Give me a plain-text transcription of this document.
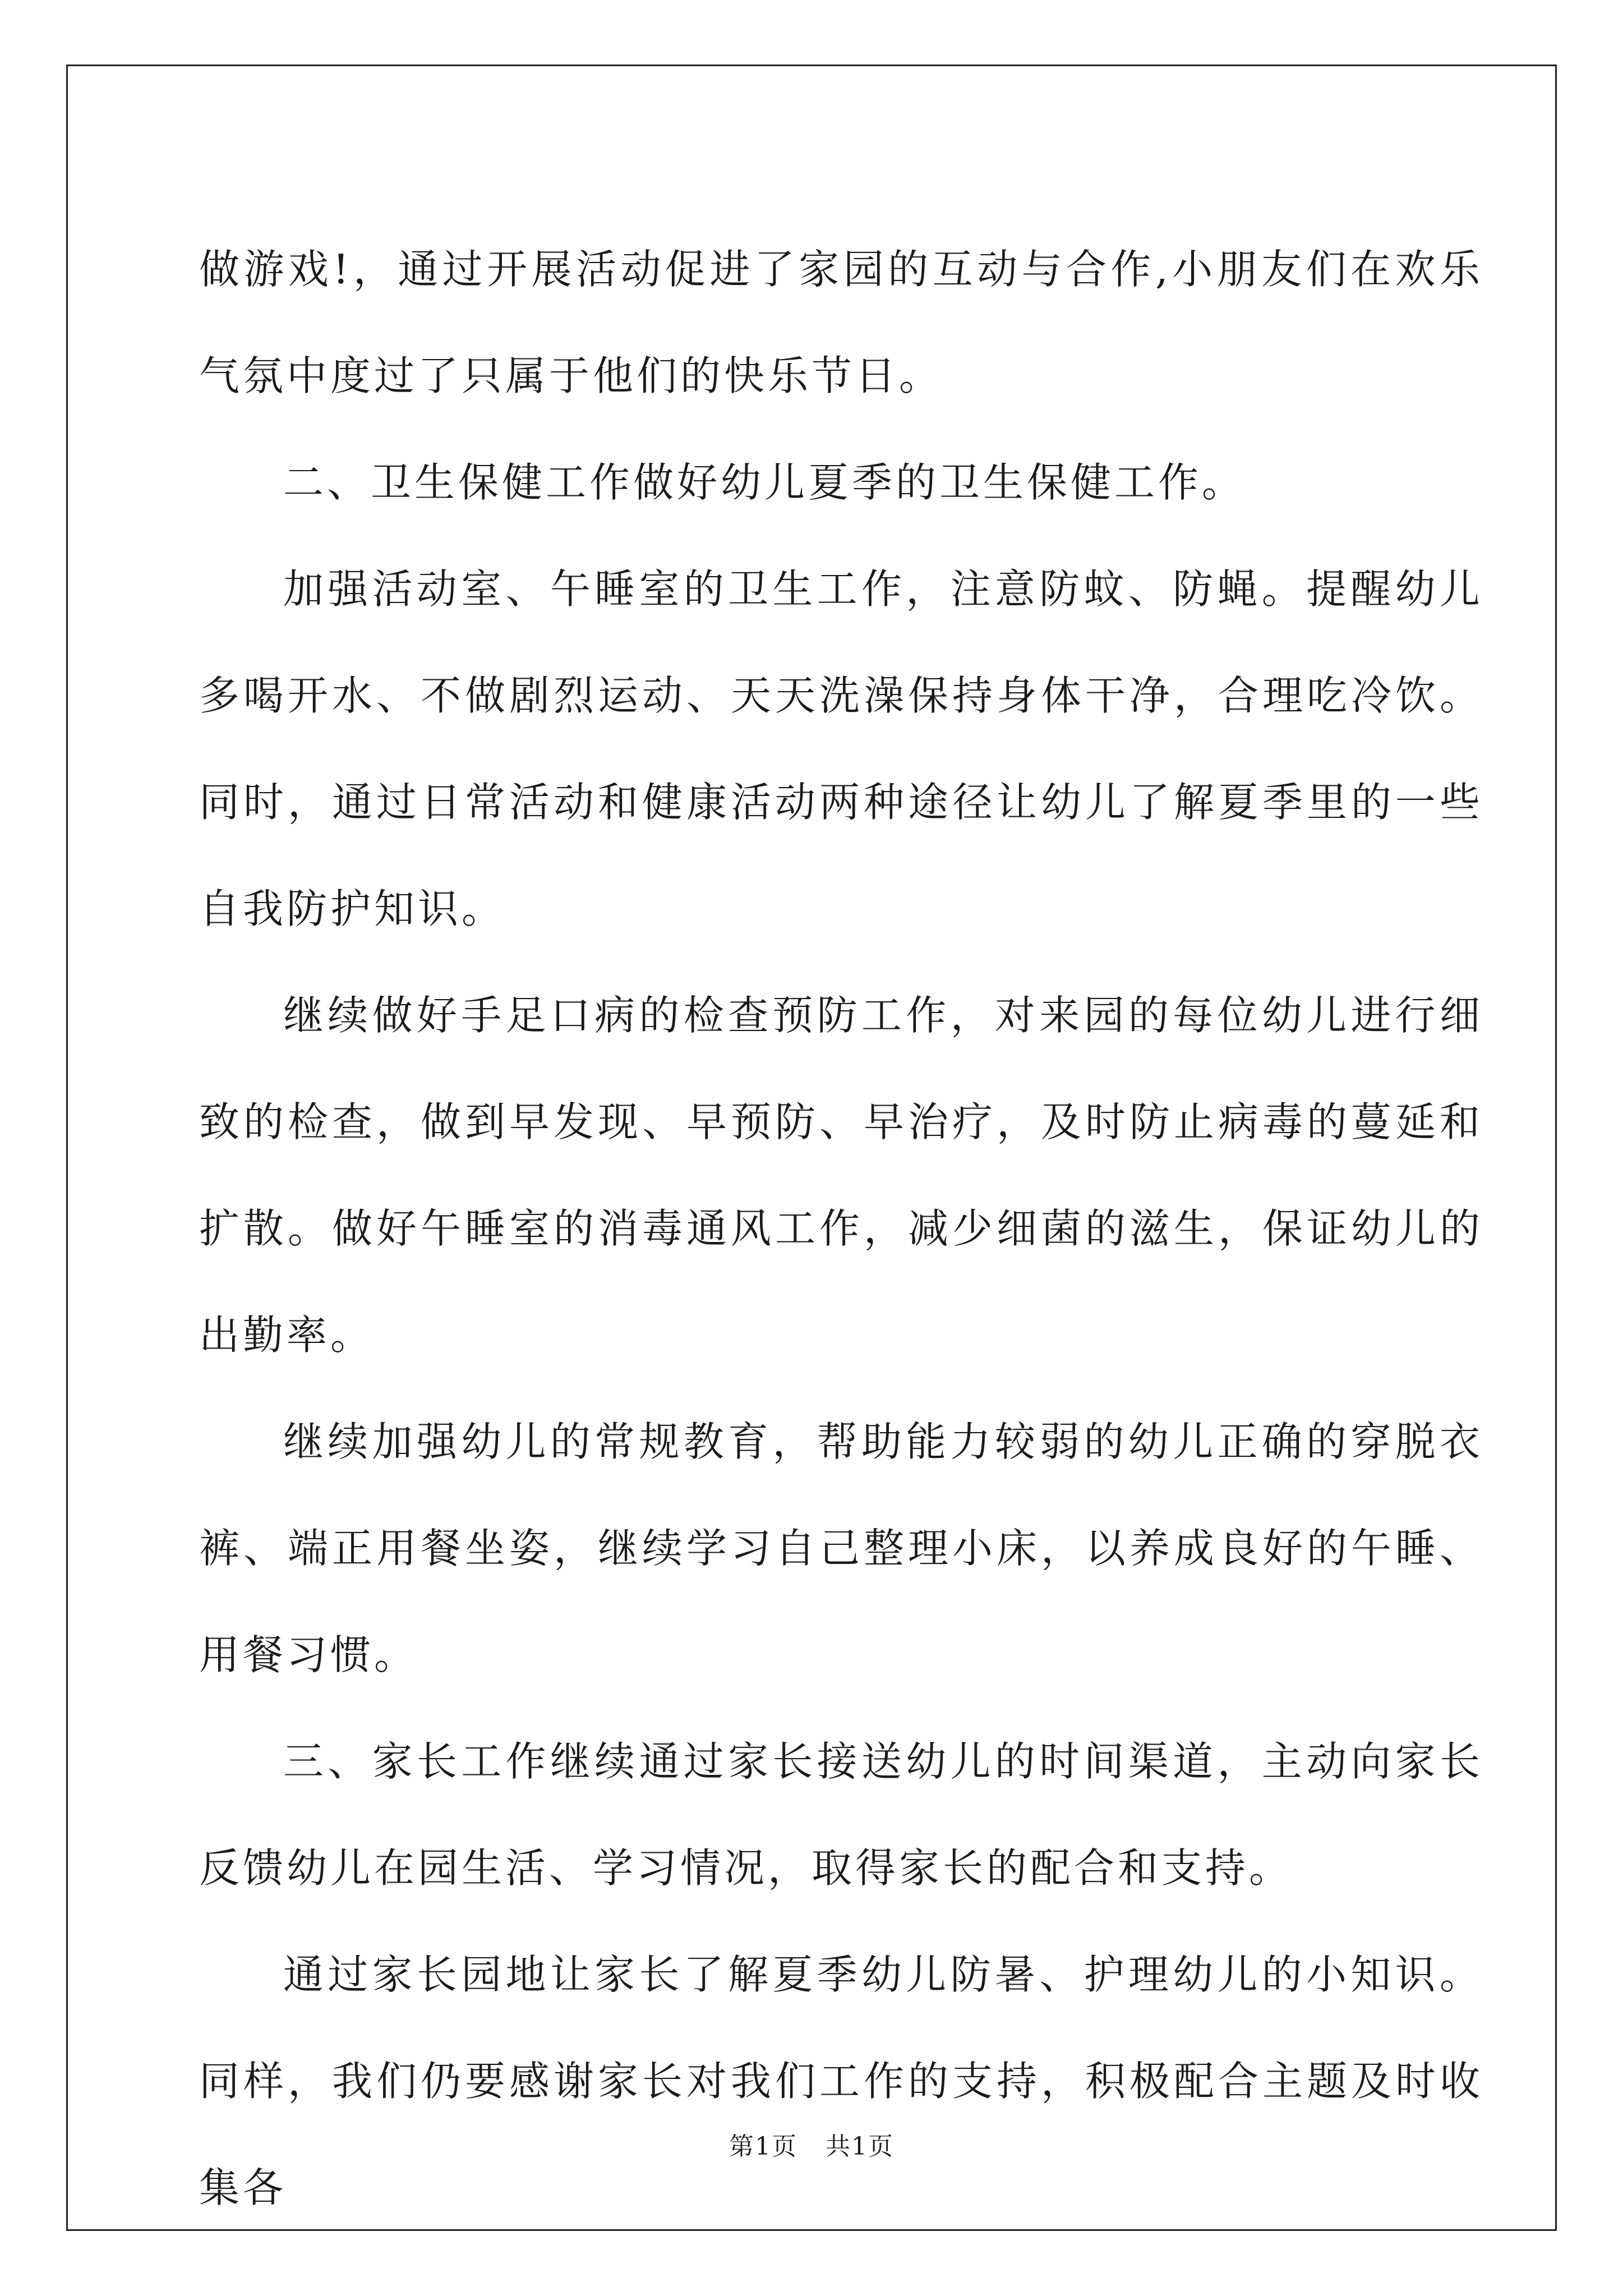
做游戏!，通过开展活动促进了家园的互动与合作,小朋友们在欢乐气氛中度过了只属于他们的快乐节日。

二、卫生保健工作做好幼儿夏季的卫生保健工作。

加强活动室、午睡室的卫生工作，注意防蚊、防蝇。提醒幼儿多喝开水、不做剧烈运动、天天洗澡保持身体干净，合理吃冷饮。同时，通过日常活动和健康活动两种途径让幼儿了解夏季里的一些自我防护知识。

继续做好手足口病的检查预防工作，对来园的每位幼儿进行细致的检查，做到早发现、早预防、早治疗，及时防止病毒的蔓延和扩散。做好午睡室的消毒通风工作，减少细菌的滋生，保证幼儿的出勤率。

继续加强幼儿的常规教育，帮助能力较弱的幼儿正确的穿脱衣裤、端正用餐坐姿，继续学习自己整理小床，以养成良好的午睡、用餐习惯。

三、家长工作继续通过家长接送幼儿的时间渠道，主动向家长反馈幼儿在园生活、学习情况，取得家长的配合和支持。

通过家长园地让家长了解夏季幼儿防暑、护理幼儿的小知识。同样，我们仍要感谢家长对我们工作的支持，积极配合主题及时收集各

第1页 共1页
